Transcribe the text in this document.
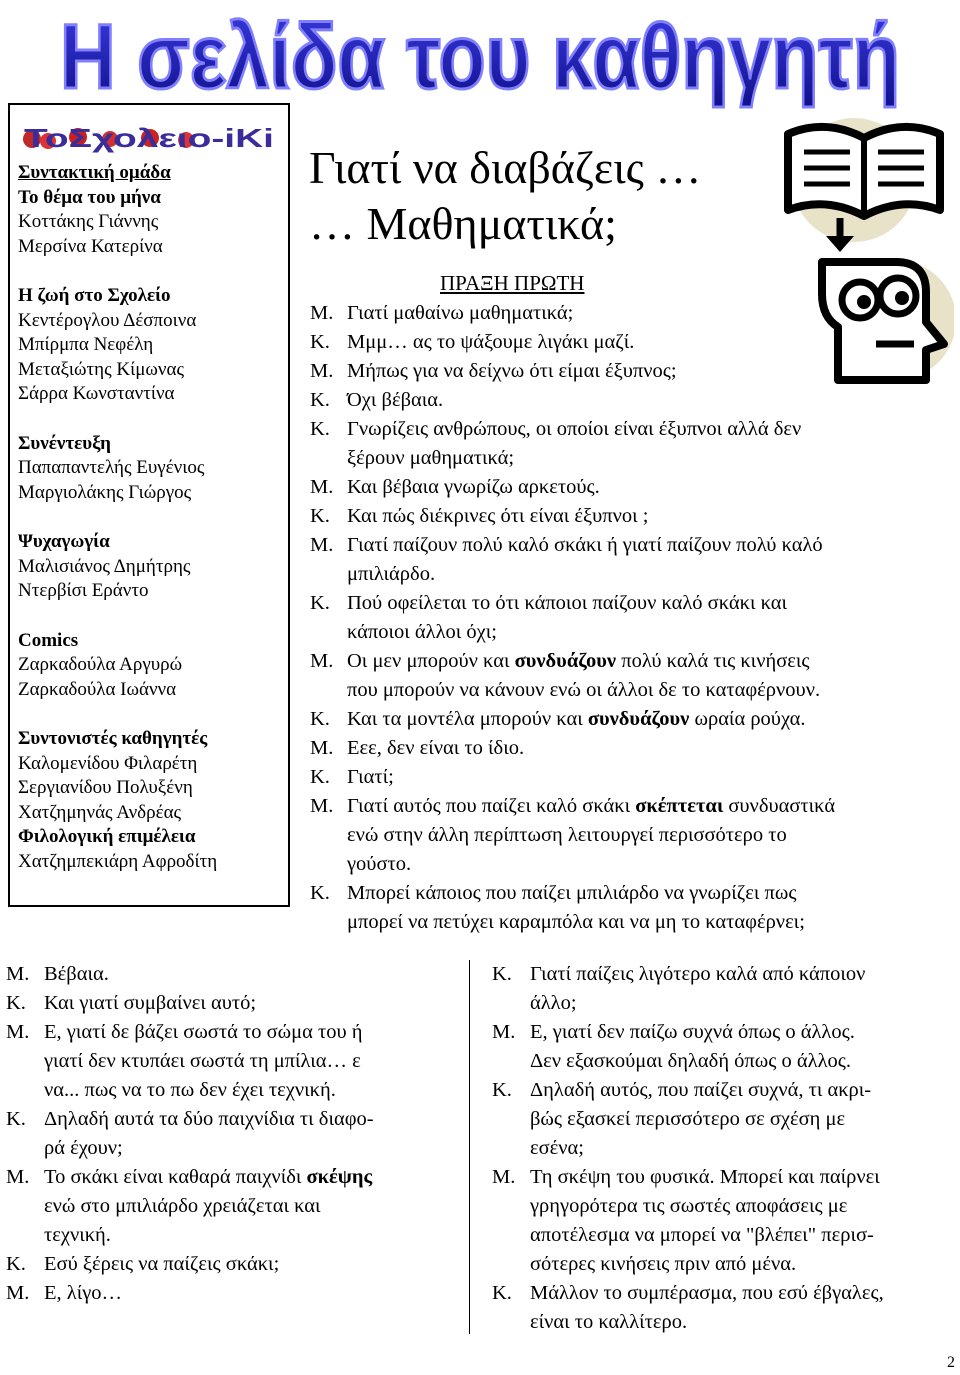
Η σελίδα του καθηγητή
ΤοΣχολειο-iKi
Συντακτική ομάδα
Το θέμα του μήνα
Κοττάκης Γιάννης
Μερσίνα Κατερίνα
Η ζωή στο Σχολείο
Κεντέρογλου Δέσποινα
Μπίρμπα Νεφέλη
Μεταξιώτης Κίμωνας
Σάρρα Κωνσταντίνα
Συνέντευξη
Παπαπαντελής Ευγένιος
Μαργιολάκης Γιώργος
Ψυχαγωγία
Μαλισιάνος Δημήτρης
Ντερβίσι Εράντο
Comics
Ζαρκαδούλα Αργυρώ
Ζαρκαδούλα Ιωάννα
Συντονιστές καθηγητές
Καλομενίδου Φιλαρέτη
Σεργιανίδου Πολυξένη
Χατζημηνάς Ανδρέας
Φιλολογική επιμέλεια
Χατζημπεκιάρη Αφροδίτη
Γιατί να διαβάζεις …
… Μαθηματικά;
ΠΡΑΞΗ ΠΡΩΤΗ
Μ. Γιατί μαθαίνω μαθηματικά;
Κ. Μμμ… ας το ψάξουμε λιγάκι μαζί.
Μ. Μήπως για να δείχνω ότι είμαι έξυπνος;
Κ. Όχι βέβαια.
Κ. Γνωρίζεις ανθρώπους, οι οποίοι είναι έξυπνοι αλλά δεν
ξέρουν μαθηματικά;
Μ. Και βέβαια γνωρίζω αρκετούς.
Κ. Και πώς διέκρινες ότι είναι έξυπνοι ;
Μ. Γιατί παίζουν πολύ καλό σκάκι ή γιατί παίζουν πολύ καλό
μπιλιάρδο.
Κ. Πού οφείλεται το ότι κάποιοι παίζουν καλό σκάκι και
κάποιοι άλλοι όχι;
Μ. Οι μεν μπορούν και συνδυάζουν πολύ καλά τις κινήσεις
που μπορούν να κάνουν ενώ οι άλλοι δε το καταφέρνουν.
Κ. Και τα μοντέλα μπορούν και συνδυάζουν ωραία ρούχα.
Μ. Εεε, δεν είναι το ίδιο.
Κ. Γιατί;
Μ. Γιατί αυτός που παίζει καλό σκάκι σκέπτεται συνδυαστικά
ενώ στην άλλη περίπτωση λειτουργεί περισσότερο το
γούστο.
Κ. Μπορεί κάποιος που παίζει μπιλιάρδο να γνωρίζει πως
μπορεί να πετύχει καραμπόλα και να μη το καταφέρνει;
Μ. Βέβαια.
Κ. Και γιατί συμβαίνει αυτό;
Μ. Ε, γιατί δε βάζει σωστά το σώμα του ή
γιατί δεν κτυπάει σωστά τη μπίλια… ε
να... πως να το πω δεν έχει τεχνική.
Κ. Δηλαδή αυτά τα δύο παιχνίδια τι διαφο-
ρά έχουν;
Μ. Το σκάκι είναι καθαρά παιχνίδι σκέψης
ενώ στο μπιλιάρδο χρειάζεται και
τεχνική.
Κ. Εσύ ξέρεις να παίζεις σκάκι;
Μ. Ε, λίγο…
Κ. Γιατί παίζεις λιγότερο καλά από κάποιον
άλλο;
Μ. Ε, γιατί δεν παίζω συχνά όπως ο άλλος.
Δεν εξασκούμαι δηλαδή όπως ο άλλος.
Κ. Δηλαδή αυτός, που παίζει συχνά, τι ακρι-
βώς εξασκεί περισσότερο σε σχέση με
εσένα;
Μ. Τη σκέψη του φυσικά. Μπορεί και παίρνει
γρηγορότερα τις σωστές αποφάσεις με
αποτέλεσμα να μπορεί να "βλέπει" περισ-
σότερες κινήσεις πριν από μένα.
Κ. Μάλλον το συμπέρασμα, που εσύ έβγαλες,
είναι το καλλίτερο.
2
